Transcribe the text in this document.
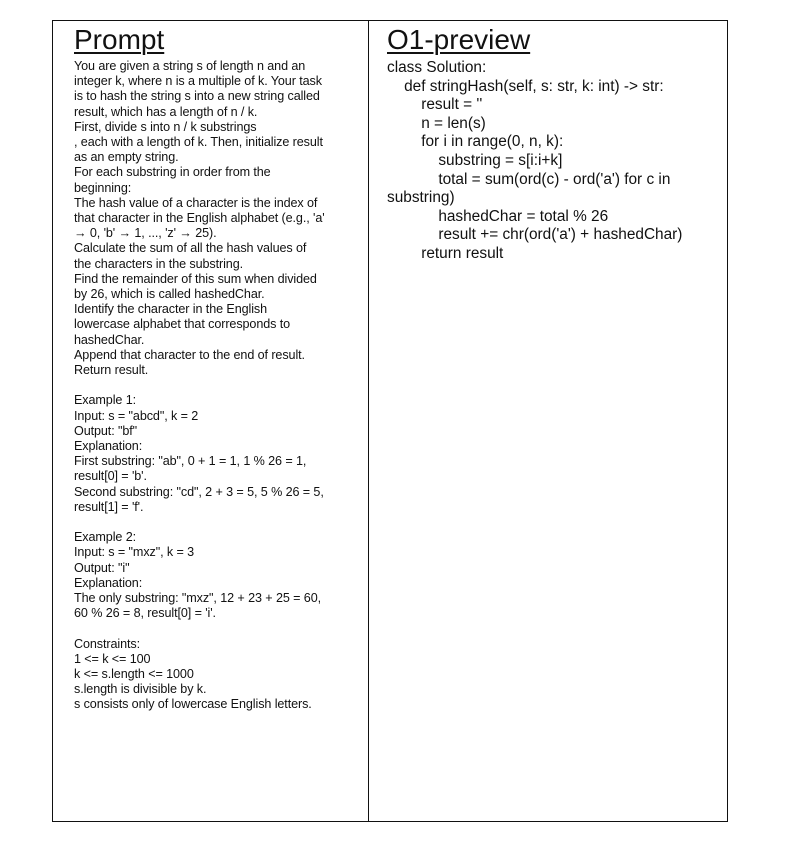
Prompt
You are given a string s of length n and an
integer k, where n is a multiple of k. Your task
is to hash the string s into a new string called
result, which has a length of n / k.
First, divide s into n / k substrings
, each with a length of k. Then, initialize result
as an empty string.
For each substring in order from the
beginning:
The hash value of a character is the index of
that character in the English alphabet (e.g., 'a'
→ 0, 'b' → 1, ..., 'z' → 25).
Calculate the sum of all the hash values of
the characters in the substring.
Find the remainder of this sum when divided
by 26, which is called hashedChar.
Identify the character in the English
lowercase alphabet that corresponds to
hashedChar.
Append that character to the end of result.
Return result.
Example 1:
Input: s = "abcd", k = 2
Output: "bf"
Explanation:
First substring: "ab", 0 + 1 = 1, 1 % 26 = 1,
result[0] = 'b'.
Second substring: "cd", 2 + 3 = 5, 5 % 26 = 5,
result[1] = 'f'.
Example 2:
Input: s = "mxz", k = 3
Output: "i"
Explanation:
The only substring: "mxz", 12 + 23 + 25 = 60,
60 % 26 = 8, result[0] = 'i'.
Constraints:
1 <= k <= 100
k <= s.length <= 1000
s.length is divisible by k.
s consists only of lowercase English letters.
O1-preview
class Solution:
def stringHash(self, s: str, k: int) -> str:
result = ''
n = len(s)
for i in range(0, n, k):
substring = s[i:i+k]
total = sum(ord(c) - ord('a') for c in
substring)
hashedChar = total % 26
result += chr(ord('a') + hashedChar)
return result
